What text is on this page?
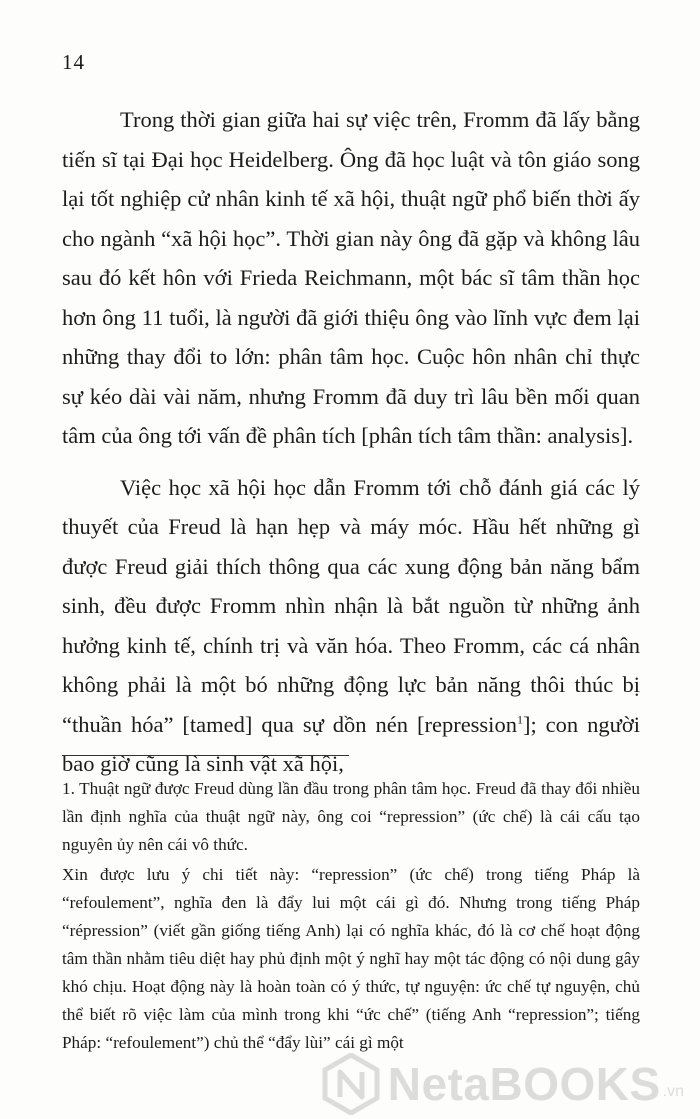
14

Trong thời gian giữa hai sự việc trên, Fromm đã lấy bằng tiến sĩ tại Đại học Heidelberg. Ông đã học luật và tôn giáo song lại tốt nghiệp cử nhân kinh tế xã hội, thuật ngữ phổ biến thời ấy cho ngành “xã hội học”. Thời gian này ông đã gặp và không lâu sau đó kết hôn với Frieda Reichmann, một bác sĩ tâm thần học hơn ông 11 tuổi, là người đã giới thiệu ông vào lĩnh vực đem lại những thay đổi to lớn: phân tâm học. Cuộc hôn nhân chỉ thực sự kéo dài vài năm, nhưng Fromm đã duy trì lâu bền mối quan tâm của ông tới vấn đề phân tích [phân tích tâm thần: analysis].

Việc học xã hội học dẫn Fromm tới chỗ đánh giá các lý thuyết của Freud là hạn hẹp và máy móc. Hầu hết những gì được Freud giải thích thông qua các xung động bản năng bẩm sinh, đều được Fromm nhìn nhận là bắt nguồn từ những ảnh hưởng kinh tế, chính trị và văn hóa. Theo Fromm, các cá nhân không phải là một bó những động lực bản năng thôi thúc bị “thuần hóa” [tamed] qua sự dồn nén [repression$^1$]; con người bao giờ cũng là sinh vật xã hội,

1. Thuật ngữ được Freud dùng lần đầu trong phân tâm học. Freud đã thay đổi nhiều lần định nghĩa của thuật ngữ này, ông coi “repression” (ức chế) là cái cấu tạo nguyên ủy nên cái vô thức.

Xin được lưu ý chi tiết này: “repression” (ức chế) trong tiếng Pháp là “refoulement”, nghĩa đen là đẩy lui một cái gì đó. Nhưng trong tiếng Pháp “répression” (viết gần giống tiếng Anh) lại có nghĩa khác, đó là cơ chế hoạt động tâm thần nhằm tiêu diệt hay phủ định một ý nghĩ hay một tác động có nội dung gây khó chịu. Hoạt động này là hoàn toàn có ý thức, tự nguyện: ức chế tự nguyện, chủ thể biết rõ việc làm của mình trong khi “ức chế” (tiếng Anh “repression”; tiếng Pháp: “refoulement”) chủ thể “đẩy lùi” cái gì một

NetaBOOKS .vn
